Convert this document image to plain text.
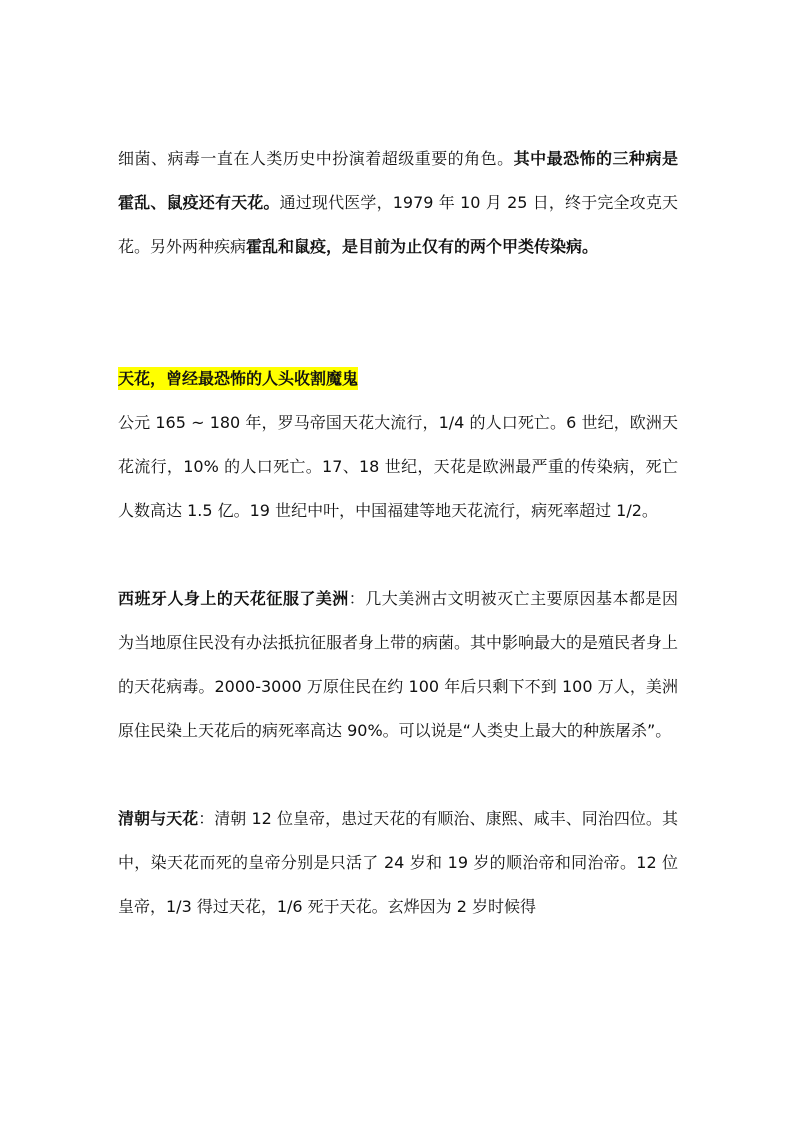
细菌、病毒一直在人类历史中扮演着超级重要的角色。其中最恐怖的三种病是霍乱、鼠疫还有天花。通过现代医学，1979 年 10 月 25 日，终于完全攻克天花。另外两种疾病霍乱和鼠疫，是目前为止仅有的两个甲类传染病。

天花，曾经最恐怖的人头收割魔鬼

公元 165 ~ 180 年，罗马帝国天花大流行，1/4 的人口死亡。6 世纪，欧洲天花流行，10% 的人口死亡。17、18 世纪，天花是欧洲最严重的传染病，死亡人数高达 1.5 亿。19 世纪中叶，中国福建等地天花流行，病死率超过 1/2。

西班牙人身上的天花征服了美洲：几大美洲古文明被灭亡主要原因基本都是因为当地原住民没有办法抵抗征服者身上带的病菌。其中影响最大的是殖民者身上的天花病毒。2000-3000 万原住民在约 100 年后只剩下不到 100 万人，美洲原住民染上天花后的病死率高达 90%。可以说是“人类史上最大的种族屠杀”。

清朝与天花：清朝 12 位皇帝，患过天花的有顺治、康熙、咸丰、同治四位。其中，染天花而死的皇帝分别是只活了 24 岁和 19 岁的顺治帝和同治帝。12 位皇帝，1/3 得过天花，1/6 死于天花。玄烨因为 2 岁时候得
